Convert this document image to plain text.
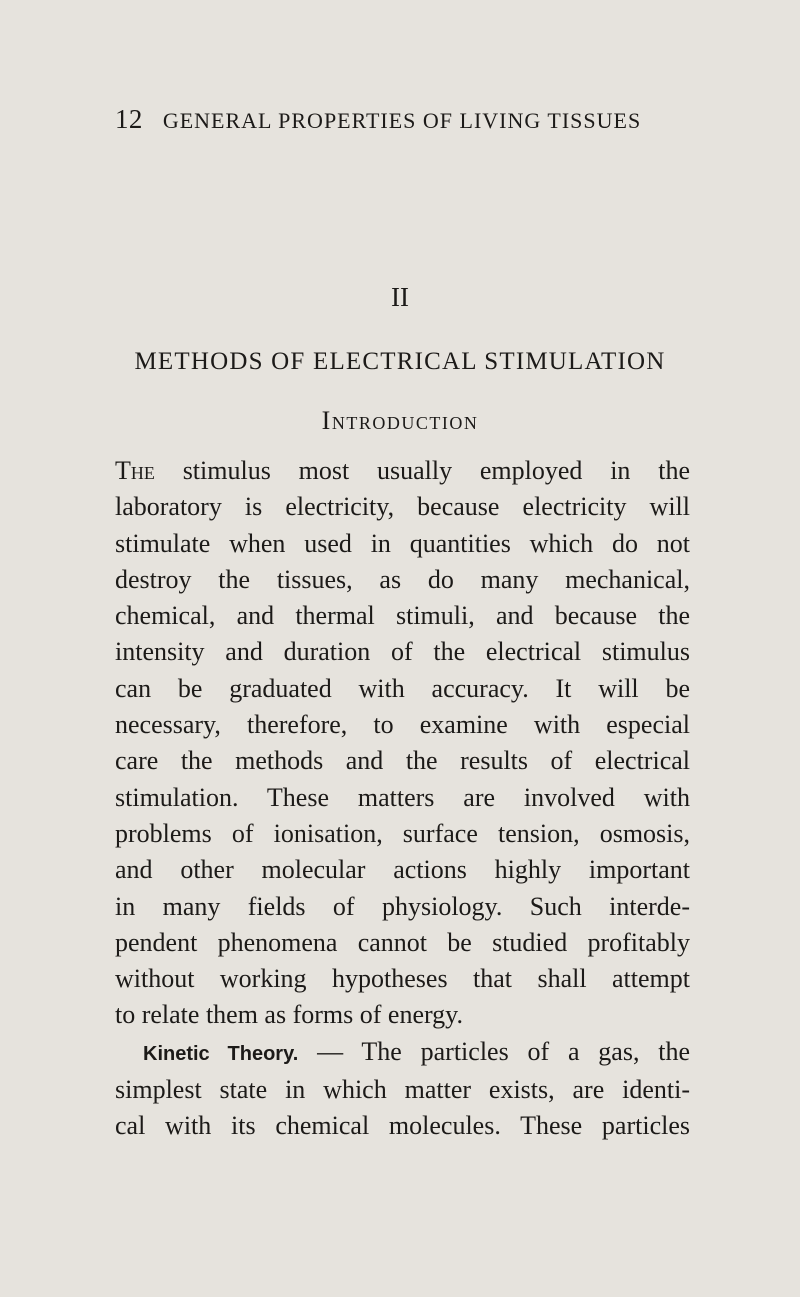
12 GENERAL PROPERTIES OF LIVING TISSUES
II
METHODS OF ELECTRICAL STIMULATION
Introduction
The stimulus most usually employed in the
laboratory is electricity, because electricity will
stimulate when used in quantities which do not
destroy the tissues, as do many mechanical,
chemical, and thermal stimuli, and because the
intensity and duration of the electrical stimulus
can be graduated with accuracy. It will be
necessary, therefore, to examine with especial
care the methods and the results of electrical
stimulation. These matters are involved with
problems of ionisation, surface tension, osmosis,
and other molecular actions highly important
in many fields of physiology. Such interde-
pendent phenomena cannot be studied profitably
without working hypotheses that shall attempt
to relate them as forms of energy.
Kinetic Theory. — The particles of a gas, the
simplest state in which matter exists, are identi-
cal with its chemical molecules. These particles
